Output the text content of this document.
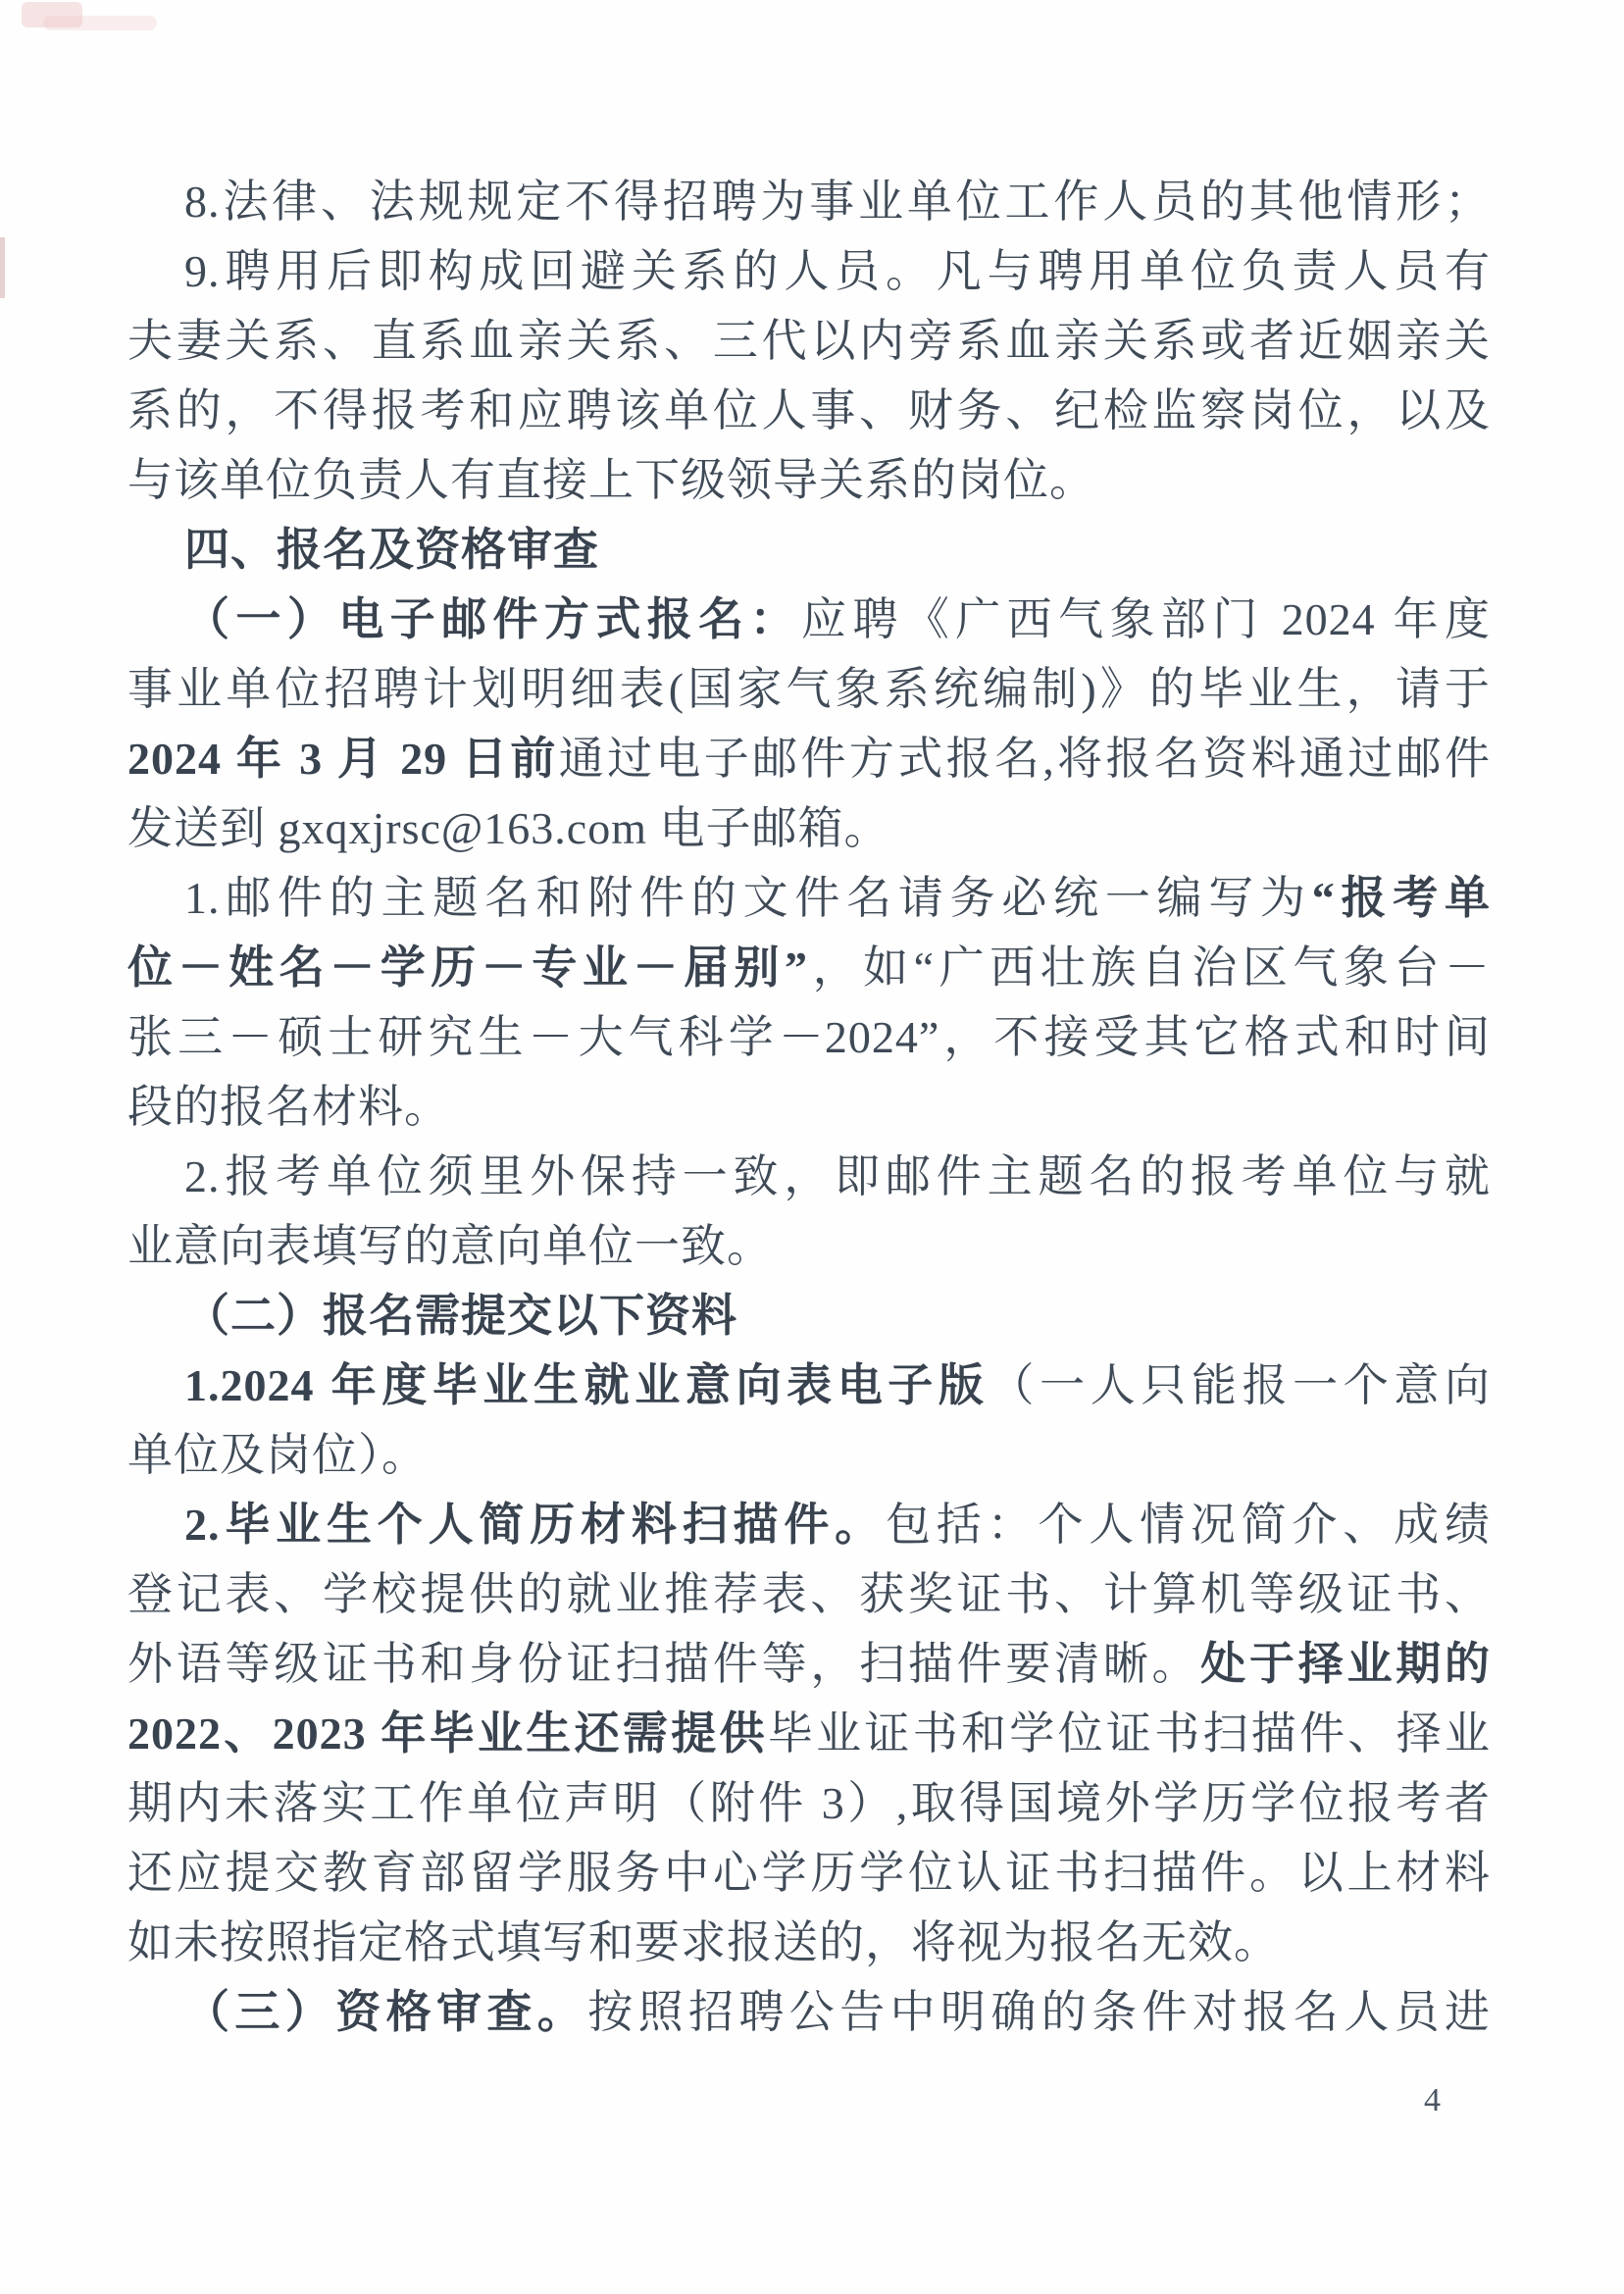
8.法律、法规规定不得招聘为事业单位工作人员的其他情形；
9.聘用后即构成回避关系的人员。凡与聘用单位负责人员有
夫妻关系、直系血亲关系、三代以内旁系血亲关系或者近姻亲关
系的，不得报考和应聘该单位人事、财务、纪检监察岗位，以及
与该单位负责人有直接上下级领导关系的岗位。
四、报名及资格审查
（一）电子邮件方式报名：应聘《广西气象部门 2024 年度
事业单位招聘计划明细表(国家气象系统编制)》的毕业生，请于
2024 年 3 月 29 日前通过电子邮件方式报名,将报名资料通过邮件
发送到 gxqxjrsc@163.com 电子邮箱。
1.邮件的主题名和附件的文件名请务必统一编写为“报考单
位－姓名－学历－专业－届别”，如“广西壮族自治区气象台－
张三－硕士研究生－大气科学－2024”，不接受其它格式和时间
段的报名材料。
2.报考单位须里外保持一致，即邮件主题名的报考单位与就
业意向表填写的意向单位一致。
（二）报名需提交以下资料
1.2024 年度毕业生就业意向表电子版（一人只能报一个意向
单位及岗位）。
2.毕业生个人简历材料扫描件。包括：个人情况简介、成绩
登记表、学校提供的就业推荐表、获奖证书、计算机等级证书、
外语等级证书和身份证扫描件等，扫描件要清晰。处于择业期的
2022、2023 年毕业生还需提供毕业证书和学位证书扫描件、择业
期内未落实工作单位声明（附件 3）,取得国境外学历学位报考者
还应提交教育部留学服务中心学历学位认证书扫描件。以上材料
如未按照指定格式填写和要求报送的，将视为报名无效。
（三）资格审查。按照招聘公告中明确的条件对报名人员进
4
